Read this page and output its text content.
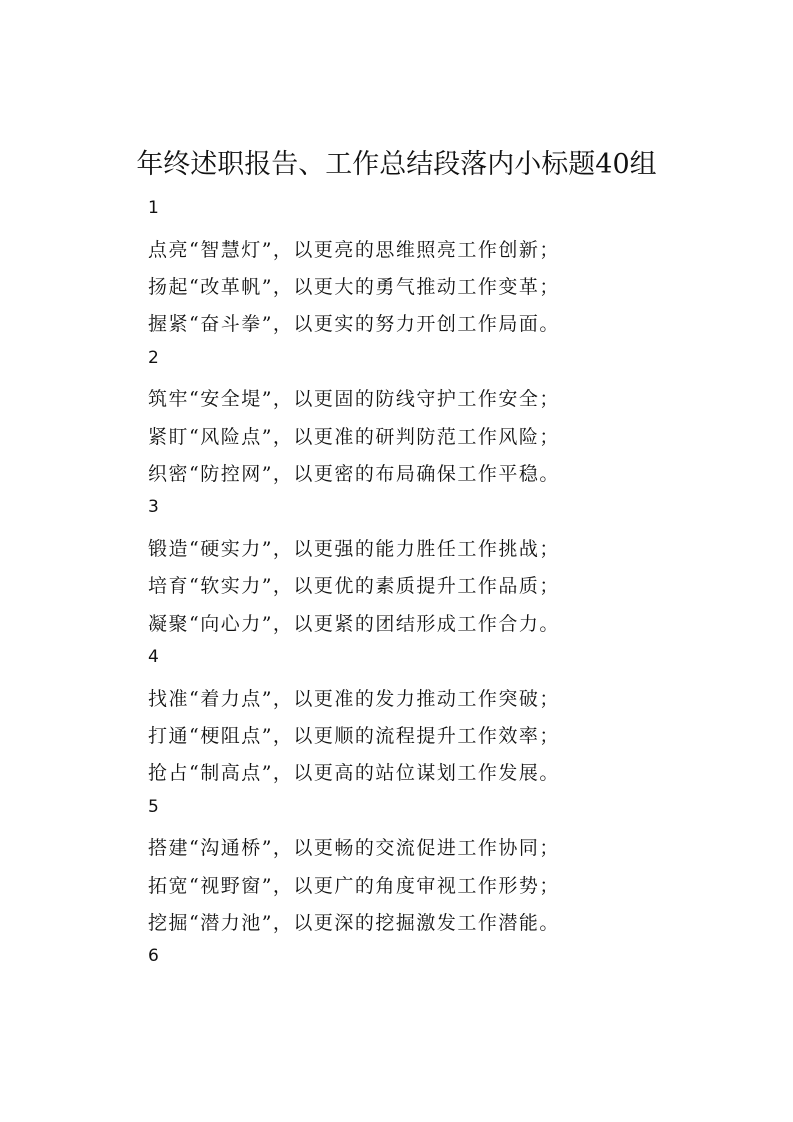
年终述职报告、工作总结段落内小标题40组
1
点亮“智慧灯”，以更亮的思维照亮工作创新；
扬起“改革帆”，以更大的勇气推动工作变革；
握紧“奋斗拳”，以更实的努力开创工作局面。
2
筑牢“安全堤”，以更固的防线守护工作安全；
紧盯“风险点”，以更准的研判防范工作风险；
织密“防控网”，以更密的布局确保工作平稳。
3
锻造“硬实力”，以更强的能力胜任工作挑战；
培育“软实力”，以更优的素质提升工作品质；
凝聚“向心力”，以更紧的团结形成工作合力。
4
找准“着力点”，以更准的发力推动工作突破；
打通“梗阻点”，以更顺的流程提升工作效率；
抢占“制高点”，以更高的站位谋划工作发展。
5
搭建“沟通桥”，以更畅的交流促进工作协同；
拓宽“视野窗”，以更广的角度审视工作形势；
挖掘“潜力池”，以更深的挖掘激发工作潜能。
6
